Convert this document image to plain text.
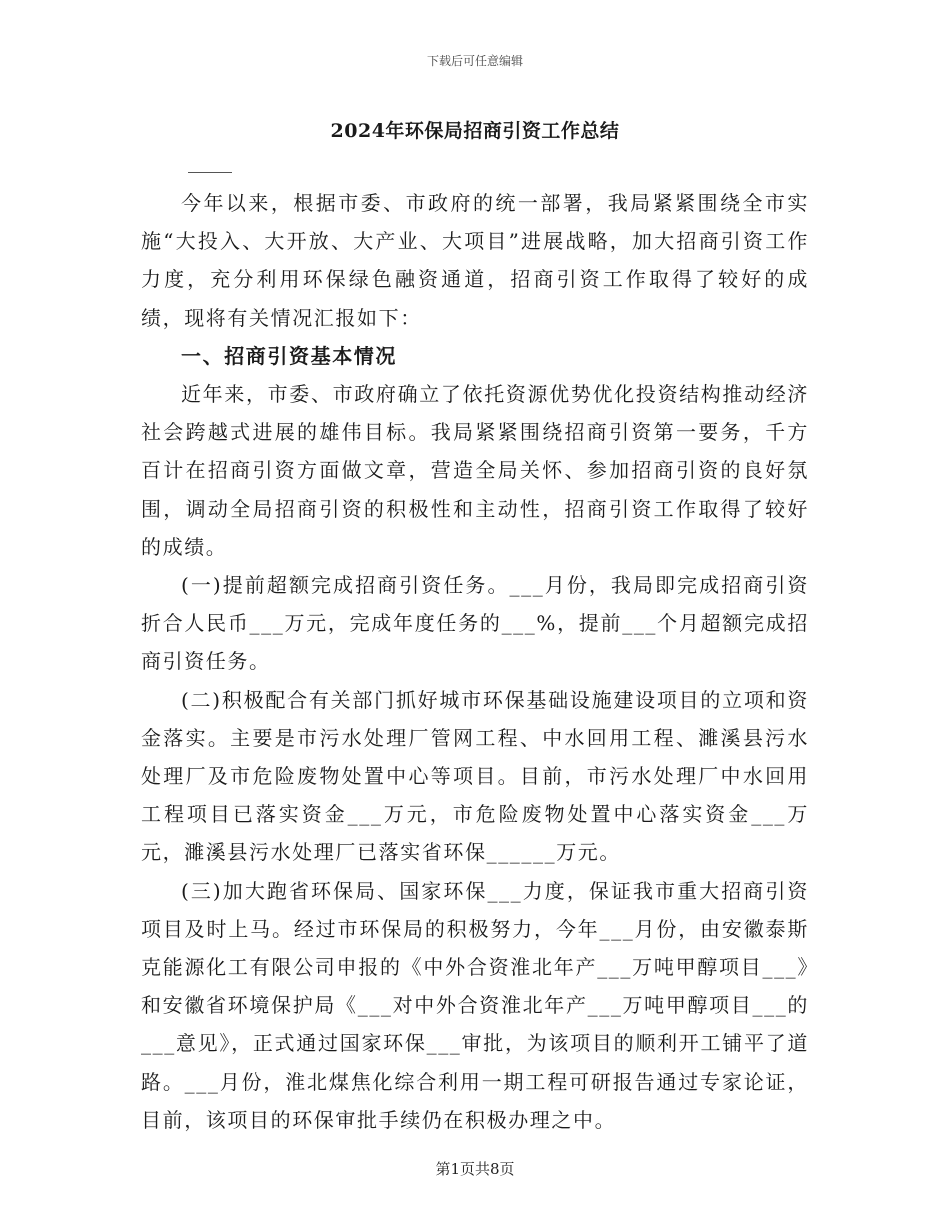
下载后可任意编辑
2024年环保局招商引资工作总结

今年以来，根据市委、市政府的统一部署，我局紧紧围绕全市实施“大投入、大开放、大产业、大项目”进展战略，加大招商引资工作力度，充分利用环保绿色融资通道，招商引资工作取得了较好的成绩，现将有关情况汇报如下：

一、招商引资基本情况

近年来，市委、市政府确立了依托资源优势优化投资结构推动经济社会跨越式进展的雄伟目标。我局紧紧围绕招商引资第一要务，千方百计在招商引资方面做文章，营造全局关怀、参加招商引资的良好氛围，调动全局招商引资的积极性和主动性，招商引资工作取得了较好的成绩。

(一)提前超额完成招商引资任务。___月份，我局即完成招商引资折合人民币___万元，完成年度任务的___%，提前___个月超额完成招商引资任务。

(二)积极配合有关部门抓好城市环保基础设施建设项目的立项和资金落实。主要是市污水处理厂管网工程、中水回用工程、濉溪县污水处理厂及市危险废物处置中心等项目。目前，市污水处理厂中水回用工程项目已落实资金___万元，市危险废物处置中心落实资金___万元，濉溪县污水处理厂已落实省环保______万元。

(三)加大跑省环保局、国家环保___力度，保证我市重大招商引资项目及时上马。经过市环保局的积极努力，今年___月份，由安徽泰斯克能源化工有限公司申报的《中外合资淮北年产___万吨甲醇项目___》和安徽省环境保护局《___对中外合资淮北年产___万吨甲醇项目___的___意见》，正式通过国家环保___审批，为该项目的顺利开工铺平了道路。___月份，淮北煤焦化综合利用一期工程可研报告通过专家论证，目前，该项目的环保审批手续仍在积极办理之中。

第1页共8页
